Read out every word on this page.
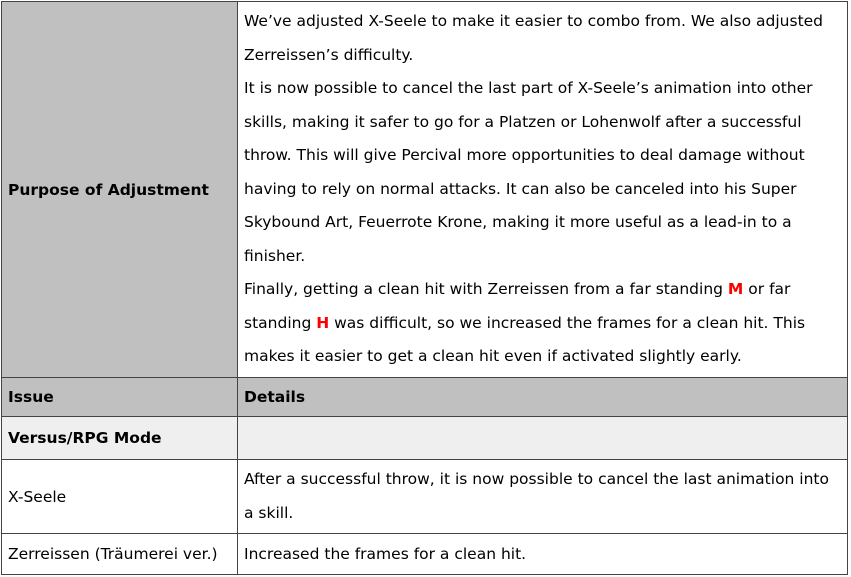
Purpose of Adjustment

We’ve adjusted X-Seele to make it easier to combo from. We also adjusted Zerreissen’s difficulty.

It is now possible to cancel the last part of X-Seele’s animation into other skills, making it safer to go for a Platzen or Lohenwolf after a successful throw. This will give Percival more opportunities to deal damage without having to rely on normal attacks. It can also be canceled into his Super Skybound Art, Feuerrote Krone, making it more useful as a lead-in to a finisher.

Finally, getting a clean hit with Zerreissen from a far standing M or far standing H was difficult, so we increased the frames for a clean hit. This makes it easier to get a clean hit even if activated slightly early.

Issue	Details
Versus/RPG Mode
X-Seele
After a successful throw, it is now possible to cancel the last animation into a skill.
Zerreissen (Träumerei ver.)	Increased the frames for a clean hit.
